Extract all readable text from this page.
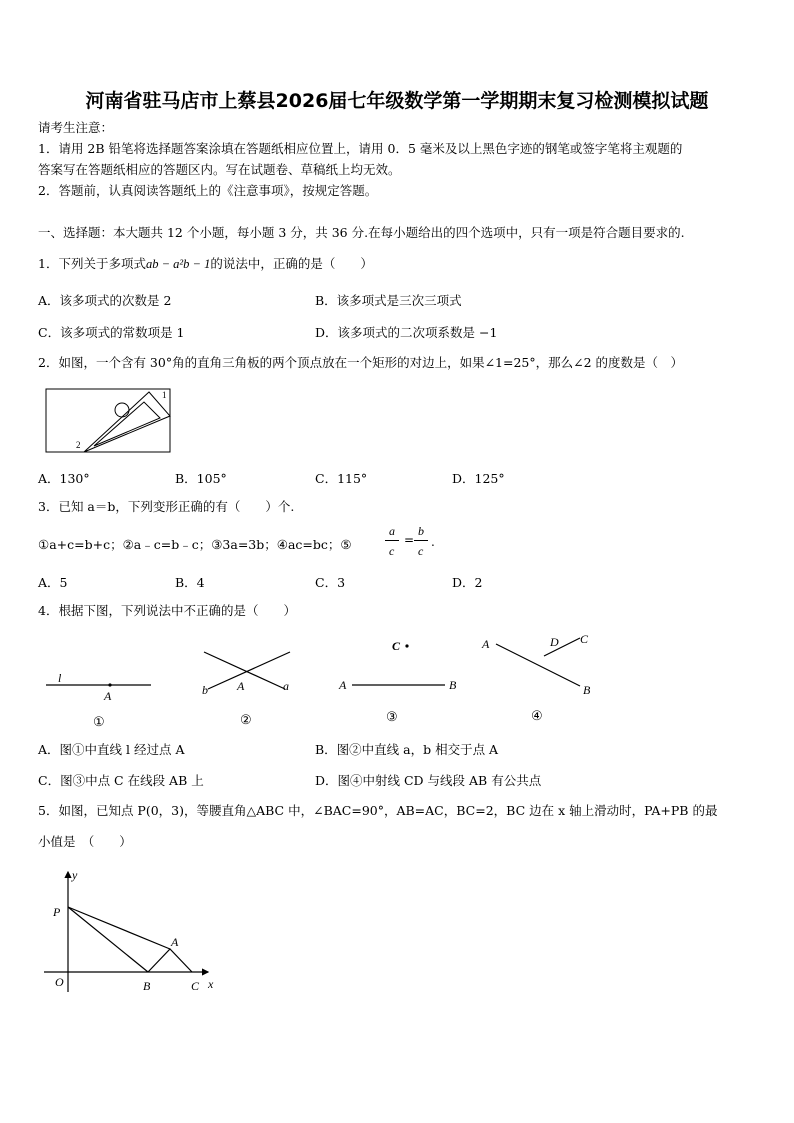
河南省驻马店市上蔡县2026届七年级数学第一学期期末复习检测模拟试题
请考生注意：
1．请用 2B 铅笔将选择题答案涂填在答题纸相应位置上，请用 0．5 毫米及以上黑色字迹的钢笔或签字笔将主观题的
答案写在答题纸相应的答题区内。写在试题卷、草稿纸上均无效。
2．答题前，认真阅读答题纸上的《注意事项》，按规定答题。
一、选择题：本大题共 12 个小题，每小题 3 分，共 36 分.在每小题给出的四个选项中，只有一项是符合题目要求的.
1．下列关于多项式ab − a²b − 1的说法中，正确的是（　　）
A．该多项式的次数是 2	B．该多项式是三次三项式
C．该多项式的常数项是 1	D．该多项式的二次项系数是 −1
2．如图，一个含有 30°角的直角三角板的两个顶点放在一个矩形的对边上，如果∠1=25°，那么∠2 的度数是（　）
2
1
A．130°	B．105°	C．115°	D．125°
3．已知 a＝b，下列变形正确的有（　　）个.
①a+c=b+c；②a﹣c=b﹣c；③3a=3b；④ac=bc；⑤
a
c
=
b
c
.
A．5	B．4	C．3	D．2
4．根据下图，下列说法中不正确的是（　　）
l
A
①
b A	a
②
C
A	B
③
A	D C
B
④
A．图①中直线 l 经过点 A	B．图②中直线 a，b 相交于点 A
C．图③中点 C 在线段 AB 上	D．图④中射线 CD 与线段 AB 有公共点
5．如图，已知点 P(0，3)，等腰直角△ABC 中，∠BAC=90°，AB=AC，BC=2，BC 边在 x 轴上滑动时，PA+PB 的最
小值是　（　　）
y
P
A
O	B	C x
